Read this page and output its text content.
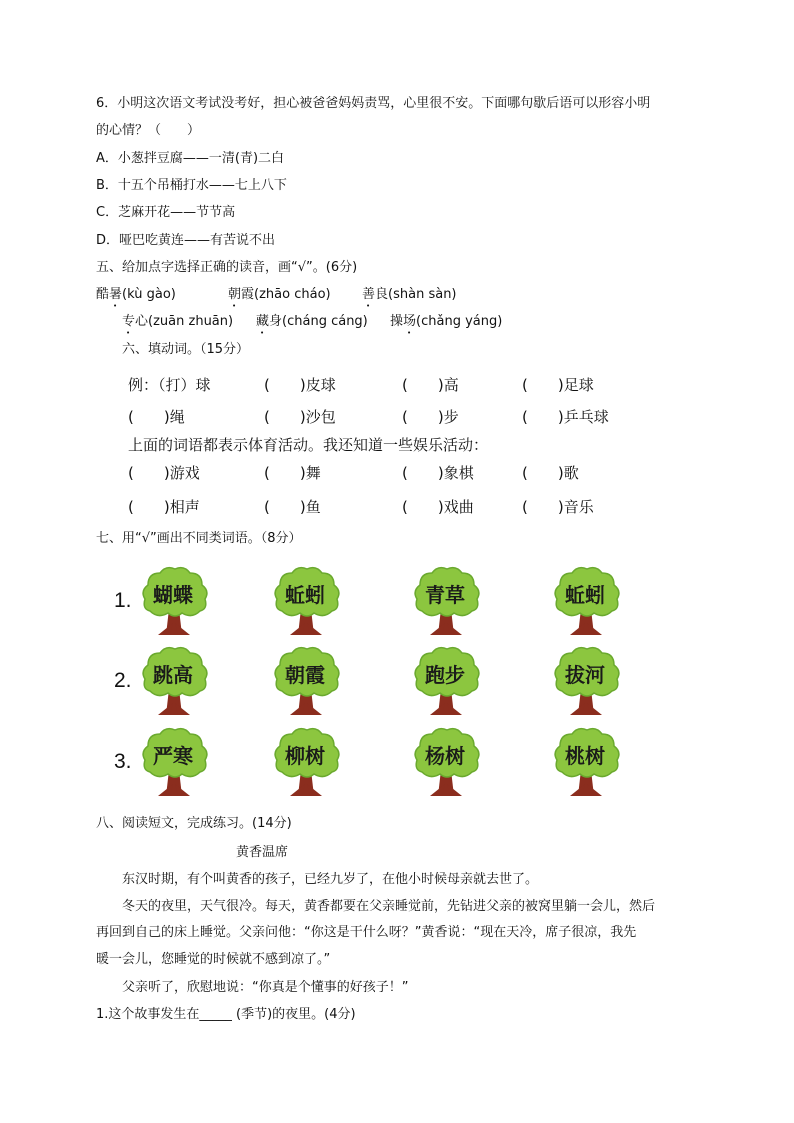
6．小明这次语文考试没考好，担心被爸爸妈妈责骂，心里很不安。下面哪句歇后语可以形容小明
的心情？（　　）
A．小葱拌豆腐——一清(青)二白
B．十五个吊桶打水——七上八下
C．芝麻开花——节节高
D．哑巴吃黄连——有苦说不出
五、给加点字选择正确的读音，画“√”。(6分)
酷暑(kù gào)	朝霞(zhāo cháo) 善良(shàn sàn)
专心(zuān zhuān) 藏身(cháng cáng) 操场(chǎng yáng)
六、填动词。（15分）
例：（打）球	(　　)皮球	(　　)高	(　　)足球
(　　)绳	(　　)沙包	(　　)步	(　　)乒乓球
上面的词语都表示体育活动。我还知道一些娱乐活动：
(　　)游戏	(　　)舞	(　　)象棋	(　　)歌
(　　)相声	(　　)鱼	(　　)戏曲	(　　)音乐
七、用“√”画出不同类词语。（8分）
1.
2.
3.
蝴蝶	蚯蚓	青草	蚯蚓
跳高	朝霞	跑步	拔河
严寒	柳树	杨树	桃树
八、阅读短文，完成练习。(14分)
黄香温席
东汉时期，有个叫黄香的孩子，已经九岁了，在他小时候母亲就去世了。
冬天的夜里，天气很冷。每天，黄香都要在父亲睡觉前，先钻进父亲的被窝里躺一会儿，然后
再回到自己的床上睡觉。父亲问他：“你这是干什么呀？”黄香说：“现在天冷，席子很凉，我先
暖一会儿，您睡觉的时候就不感到凉了。”
父亲听了，欣慰地说：“你真是个懂事的好孩子！”
1.这个故事发生在_____ (季节)的夜里。(4分)
